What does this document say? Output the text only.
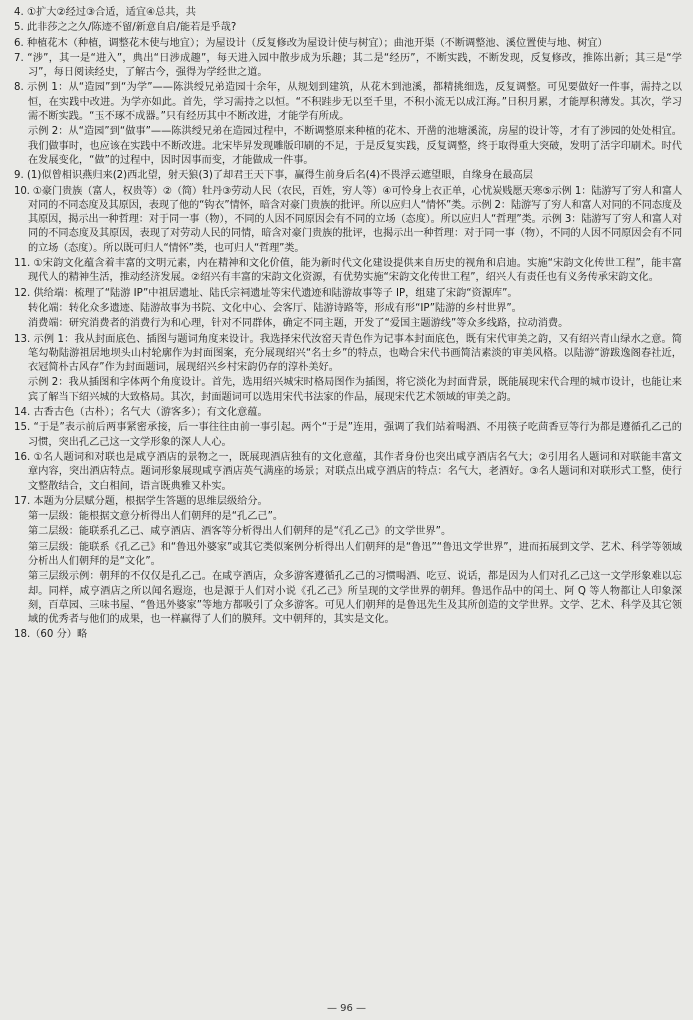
4. ①扩大②经过③合适，适宜④总共，共

5. 此非莎之之久/陈迹不留/新意自启/能若是乎哉?

6. 种植花木（种植，调整花木使与地宜）；为屋设计（反复修改为屋设计使与树宜）；曲池开渠（不断调整池、溪位置使与地、树宜）

7. “涉”，其一是“进入”，典出“日涉成趣”，每天进入园中散步成为乐趣；其二是“经历”，不断实践，不断发现，反复修改，推陈出新；其三是“学习”，每日阅读经史，了解古今，强得为学经世之道。

8. 示例 1：从“造园”到“为学”——陈洪绶兄弟造园十余年，从规划到建筑，从花木到池溪，都精挑细选，反复调整。可见要做好一件事，需持之以恒，在实践中改进。为学亦如此。首先，学习需持之以恒。“不积跬步无以至千里，不积小流无以成江海。”日积月累，才能厚积薄发。其次，学习需不断实践。“玉不琢不成器。”只有经历其中不断改进，才能学有所成。

示例 2：从“造园”到“做事”——陈洪绶兄弟在造园过程中，不断调整原来种植的花木、开凿的池塘溪流，房屋的设计等，才有了涉园的处处相宜。我们做事时，也应该在实践中不断改进。北宋毕昇发现雕版印刷的不足，于是反复实践，反复调整，终于取得重大突破，发明了活字印刷术。时代在发展变化，“做”的过程中，因时因事而变，才能做成一件事。

9. (1)似曾相识燕归来(2)西北望，射天狼(3)了却君王天下事，赢得生前身后名(4)不畏浮云遮望眼，自缘身在最高层

10. ①豪门贵族（富人，权贵等）②（简）牡丹③劳动人民（农民，百姓，穷人等）④可怜身上衣正单，心忧炭贱愿天寒⑤示例 1：陆游写了穷人和富人对同的不同态度及其原因，表现了他的“钩衣”情怀，暗含对豪门贵族的批评。所以应归人“情怀”类。示例 2：陆游写了穷人和富人对同的不同态度及其原因，揭示出一种哲理：对于同一事（物），不同的人因不同原因会有不同的立场（态度）。所以应归人“哲理”类。示例 3：陆游写了穷人和富人对同的不同态度及其原因，表现了对劳动人民的同情，暗含对豪门贵族的批评，也揭示出一种哲理：对于同一事（物），不同的人因不同原因会有不同的立场（态度）。所以既可归人“情怀”类，也可归人“哲理”类。

11. ①宋韵文化蕴含着丰富的文明元素，内在精神和文化价值，能为新时代文化建设提供来自历史的视角和启迪。实施“宋韵文化传世工程”，能丰富现代人的精神生活，推动经济发展。②绍兴有丰富的宋韵文化资源，有优势实施“宋韵文化传世工程”，绍兴人有责任也有义务传承宋韵文化。

12. 供给端：梳理了“陆游 IP”中祖居遗址、陆氏宗祠遗址等宋代遗迹和陆游故事等子 IP，组建了宋韵“资源库”。

转化端：转化众多遗迹、陆游故事为书院、文化中心、会客厅、陆游诗路等，形成有形“IP”陆游的乡村世界”。

消费端：研究消费者的消费行为和心理，针对不同群体，确定不同主题，开发了“爱国主题游线”等众多线路，拉动消费。

13. 示例 1：我从封面底色、插图与题词角度来设计。我选择宋代汝窑天青色作为记事本封面底色，既有宋代审美之韵，又有绍兴青山绿水之意。简笔勾勒陆游祖居地坝头山村轮廓作为封面图案，充分展现绍兴“名士乡”的特点，也呦合宋代书画简洁素淡的审美风格。以陆游“游跋逸阁春社近，衣冠简朴古风存”作为封面题词，展现绍兴乡村宋韵仍存的淳朴美好。

示例 2：我从插图和字体两个角度设计。首先，选用绍兴城宋时格局图作为插图，将它淡化为封面背景，既能展现宋代合理的城市设计，也能让来宾了解当下绍兴城的大致格局。其次，封面题词可以选用宋代书法家的作品，展现宋代艺术领域的审美之韵。

14. 古香古色（古朴）；名气大（游客多）；有文化意蕴。

15. “于是”表示前后两事紧密承接，后一事往往由前一事引起。两个“于是”连用，强调了我们站着喝酒、不用筷子吃茴香豆等行为都是遵循孔乙己的习惯，突出孔乙己这一文学形象的深人人心。

16. ①名人题词和对联也是咸亨酒店的景物之一，既展现酒店独有的文化意蕴，其作者身份也突出咸亨酒店名气大；②引用名人题词和对联能丰富文章内容，突出酒店特点。题词形象展现咸亨酒店英气满座的场景；对联点出咸亨酒店的特点：名气大，老酒好。③名人题词和对联形式工整，使行文整散结合，文白相间，语言既典雅又朴实。

17. 本题为分层赋分题，根据学生答题的思维层级给分。

第一层级：能根据文意分析得出人们朝拜的是“孔乙己”。

第二层级：能联系孔乙己、咸亨酒店、酒客等分析得出人们朝拜的是“《孔乙己》的文学世界”。

第三层级：能联系《孔乙己》和“鲁迅外婆家”或其它类似案例分析得出人们朝拜的是“鲁迅”“鲁迅文学世界”，进而拓展到文学、艺术、科学等领域分析出人们朝拜的是“文化”。

第三层级示例：朝拜的不仅仅是孔乙己。在咸亨酒店，众多游客遵循孔乙己的习惯喝酒、吃豆、说话，都是因为人们对孔乙己这一文学形象难以忘却。同样，咸亨酒店之所以闻名遐迩，也是源于人们对小说《孔乙己》所呈现的文学世界的朝拜。鲁迅作品中的闰土、阿 Q 等人物都让人印象深刻，百草园、三味书屋、“鲁迅外婆家”等地方都吸引了众多游客。可见人们朝拜的是鲁迅先生及其所创造的文学世界。文学、艺术、科学及其它领域的优秀者与他们的成果，也一样赢得了人们的膜拜。文中朝拜的，其实是文化。

18.（60 分）略

— 96 —
